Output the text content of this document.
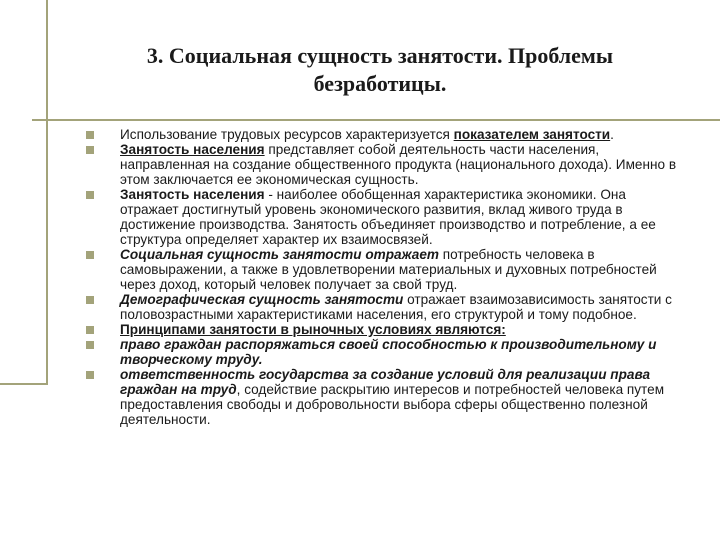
3. Социальная сущность занятости. Проблемы
безработицы.
Использование трудовых ресурсов характеризуется показателем занятости.
Занятость населения представляет собой деятельность части населения, направленная на создание общественного продукта (национального дохода). Именно в этом заключается ее экономическая сущность.
Занятость населения - наиболее обобщенная характеристика экономики. Она отражает достигнутый уровень экономического развития, вклад живого труда в достижение производства. Занятость объединяет производство и потребление, а ее структура определяет характер их взаимосвязей.
Социальная сущность занятости отражает потребность человека в самовыражении, а также в удовлетворении материальных и духовных потребностей через доход, который человек получает за свой труд.
Демографическая сущность занятости отражает взаимозависимость занятости с половозрастными характеристиками населения, его структурой и тому подобное.
Принципами занятости в рыночных условиях являются:
право граждан распоряжаться своей способностью к производительному и творческому труду.
ответственность государства за создание условий для реализации права граждан на труд, содействие раскрытию интересов и потребностей человека путем предоставления свободы и добровольности выбора сферы общественно полезной деятельности.
